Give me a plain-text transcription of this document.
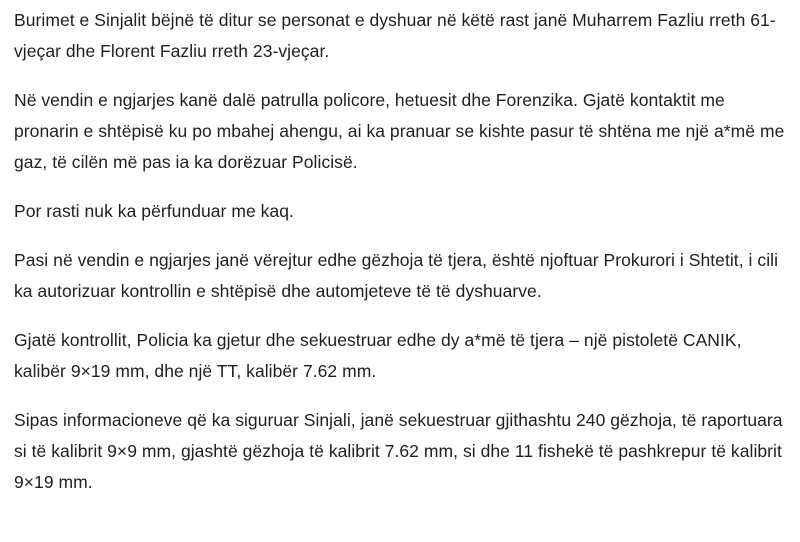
Burimet e Sinjalit bëjnë të ditur se personat e dyshuar në këtë rast janë Muharrem Fazliu rreth 61-vjeçar dhe Florent Fazliu rreth 23-vjeçar.

Në vendin e ngjarjes kanë dalë patrulla policore, hetuesit dhe Forenzika. Gjatë kontaktit me pronarin e shtëpisë ku po mbahej ahengu, ai ka pranuar se kishte pasur të shtëna me një a*më me gaz, të cilën më pas ia ka dorëzuar Policisë.

Por rasti nuk ka përfunduar me kaq.

Pasi në vendin e ngjarjes janë vërejtur edhe gëzhoja të tjera, është njoftuar Prokurori i Shtetit, i cili ka autorizuar kontrollin e shtëpisë dhe automjeteve të të dyshuarve.

Gjatë kontrollit, Policia ka gjetur dhe sekuestruar edhe dy a*më të tjera – një pistoletë CANIK, kalibër 9×19 mm, dhe një TT, kalibër 7.62 mm.

Sipas informacioneve që ka siguruar Sinjali, janë sekuestruar gjithashtu 240 gëzhoja, të raportuara si të kalibrit 9×9 mm, gjashtë gëzhoja të kalibrit 7.62 mm, si dhe 11 fishekë të pashkrepur të kalibrit 9×19 mm.
